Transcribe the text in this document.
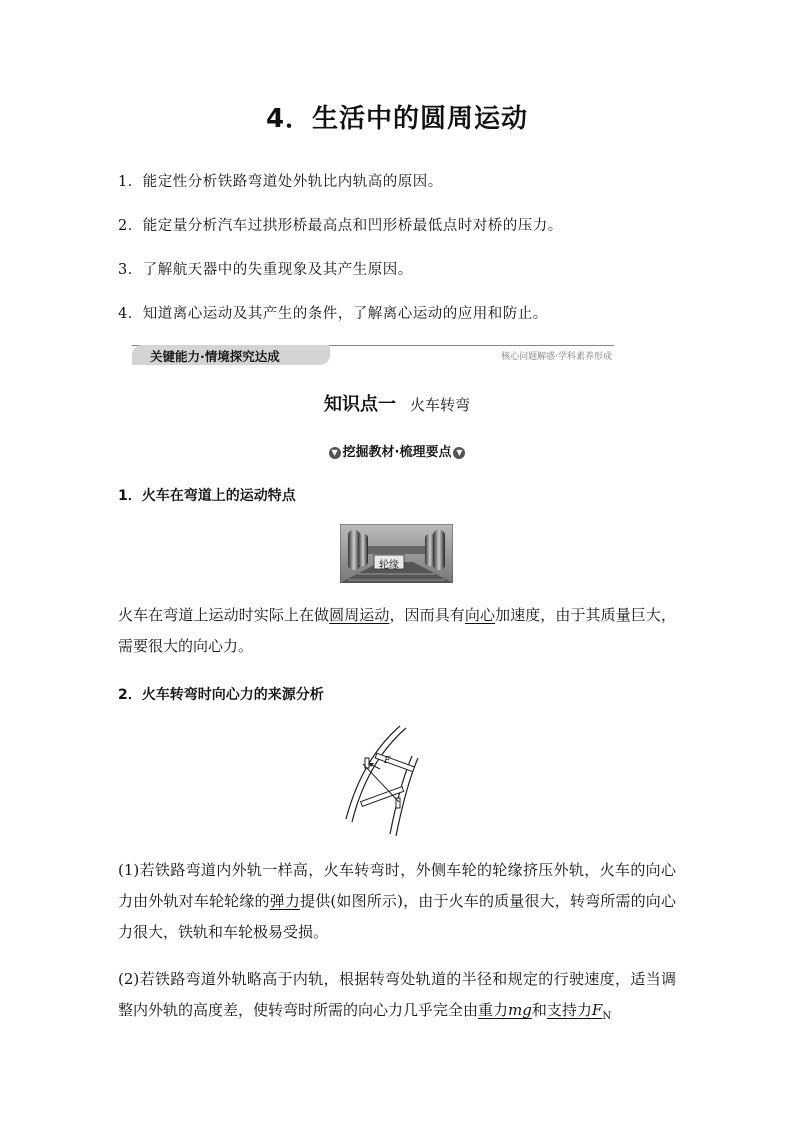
4．生活中的圆周运动
1．能定性分析铁路弯道处外轨比内轨高的原因。
2．能定量分析汽车过拱形桥最高点和凹形桥最低点时对桥的压力。
3．了解航天器中的失重现象及其产生原因。
4．知道离心运动及其产生的条件，了解离心运动的应用和防止。
关键能力·情境探究达成	核心问题解惑·学科素养形成
知识点一 火车转弯
▼ 挖掘教材·梳理要点 ▼
1．火车在弯道上的运动特点
轮缘
火车在弯道上运动时实际上在做圆周运动，因而具有向心加速度，由于其质量巨大，需要很大的向心力。
2．火车转弯时向心力的来源分析
F
(1)若铁路弯道内外轨一样高，火车转弯时，外侧车轮的轮缘挤压外轨，火车的向心力由外轨对车轮轮缘的弹力提供(如图所示)，由于火车的质量很大，转弯所需的向心力很大，铁轨和车轮极易受损。
(2)若铁路弯道外轨略高于内轨，根据转弯处轨道的半径和规定的行驶速度，适当调整内外轨的高度差，使转弯时所需的向心力几乎完全由重力mg和支持力$F_N$
